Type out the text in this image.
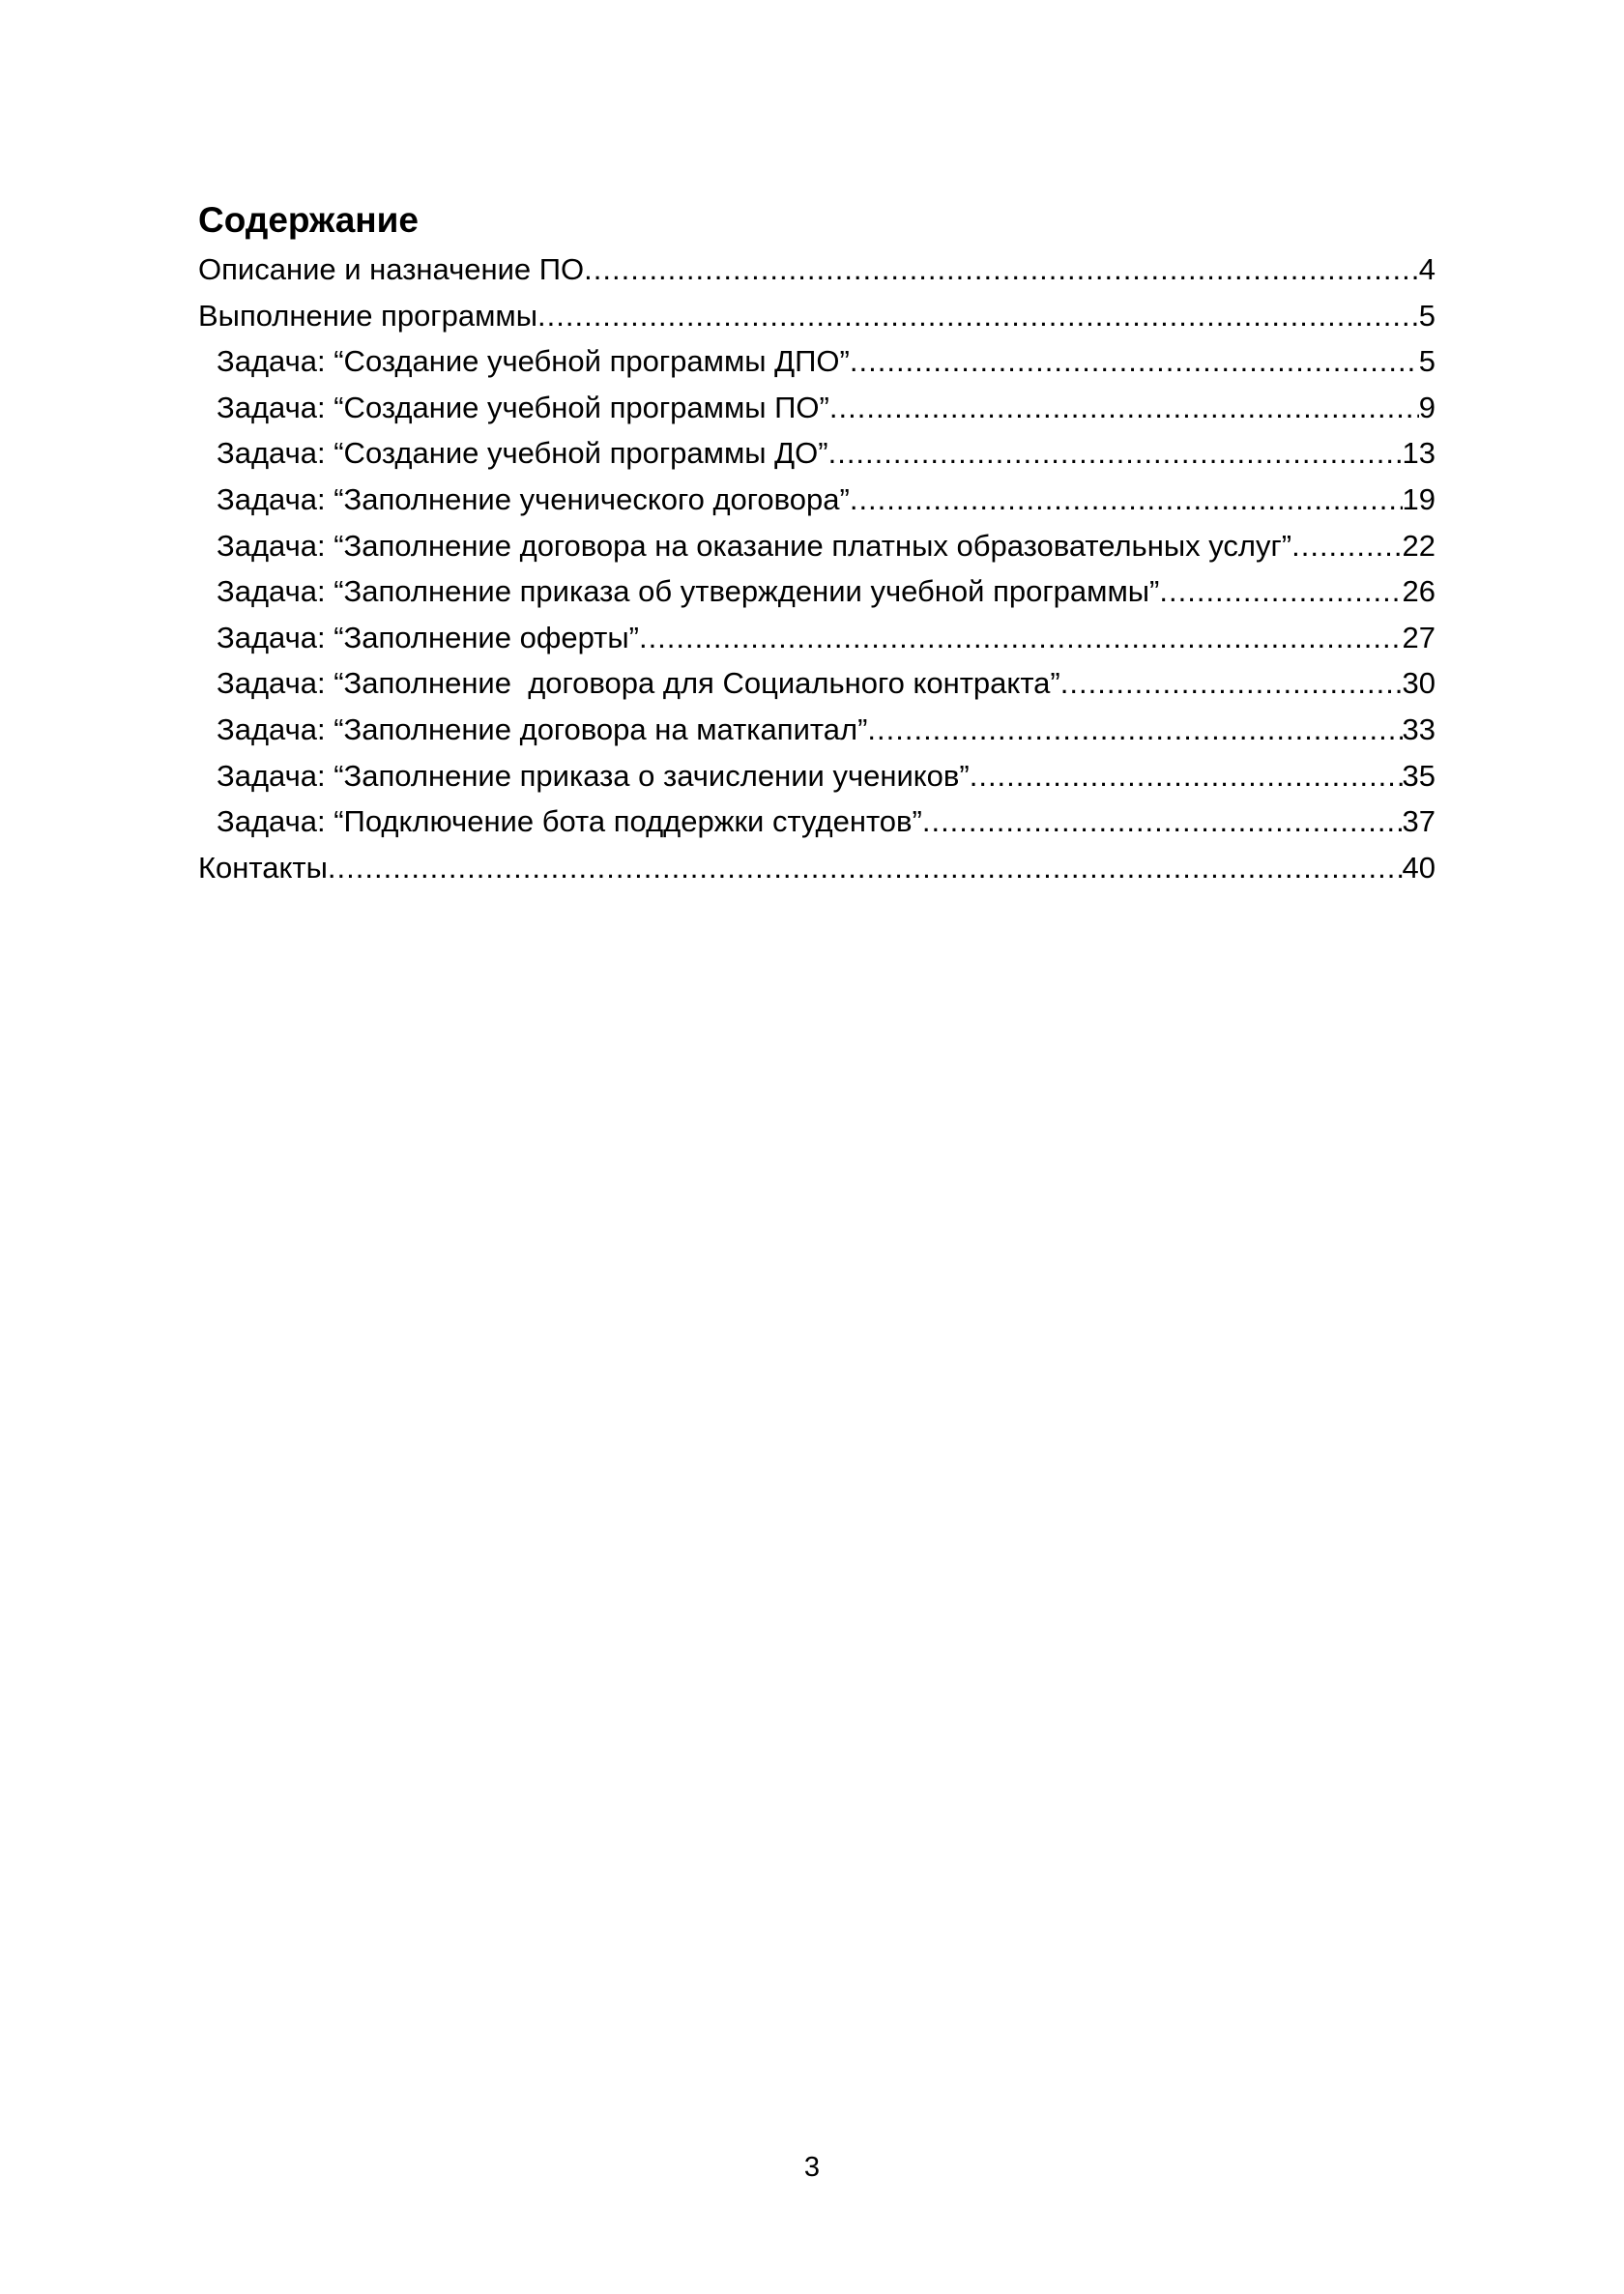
Содержание
Описание и назначение ПО .....	4
Выполнение программы .....	5
Задача: “Создание учебной программы ДПО” .....	5
Задача: “Создание учебной программы ПО” .....	9
Задача: “Создание учебной программы ДО” .....	13
Задача: “Заполнение ученического договора” .....	19
Задача: “Заполнение договора на оказание платных образовательных услуг” .....	22
Задача: “Заполнение приказа об утверждении учебной программы” .....	26
Задача: “Заполнение оферты” .....	27
Задача: “Заполнение  договора для Социального контракта” .....	30
Задача: “Заполнение договора на маткапитал” .....	33
Задача: “Заполнение приказа о зачислении учеников” .....	35
Задача: “Подключение бота поддержки студентов” .....	37
Контакты .....	40
3
